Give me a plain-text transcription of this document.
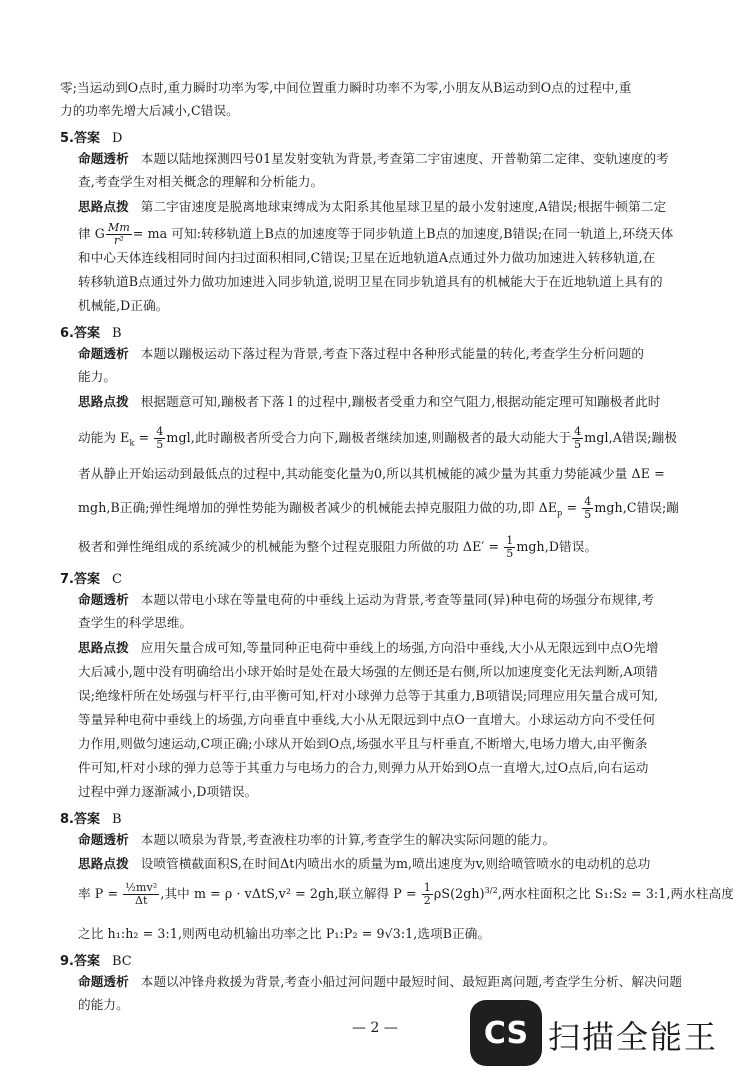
零;当运动到O点时,重力瞬时功率为零,中间位置重力瞬时功率不为零,小朋友从B运动到O点的过程中,重
力的功率先增大后减小,C错误。
5.答案 D
命题透析 本题以陆地探测四号01星发射变轨为背景,考查第二宇宙速度、开普勒第二定律、变轨速度的考
查,考查学生对相关概念的理解和分析能力。
思路点拨 第二宇宙速度是脱离地球束缚成为太阳系其他星球卫星的最小发射速度,A错误;根据牛顿第二定
律 G $\frac{Mm}{\text{r²}}$ = ma 可知:转移轨道上B点的加速度等于同步轨道上B点的加速度,B错误;在同一轨道上,环绕天体
和中心天体连线相同时间内扫过面积相同,C错误;卫星在近地轨道A点通过外力做功加速进入转移轨道,在
转移轨道B点通过外力做功加速进入同步轨道,说明卫星在同步轨道具有的机械能大于在近地轨道上具有的
机械能,D正确。
6.答案 B
命题透析 本题以蹦极运动下落过程为背景,考查下落过程中各种形式能量的转化,考查学生分析问题的
能力。
思路点拨 根据题意可知,蹦极者下落 l 的过程中,蹦极者受重力和空气阻力,根据动能定理可知蹦极者此时
动能为 $E_k = \frac{4}{5}$ mgl,此时蹦极者所受合力向下,蹦极者继续加速,则蹦极者的最大动能大于 $\frac{4}{5} mgl,A$错误;蹦极
者从静止开始运动到最低点的过程中,其动能变化量为0,所以其机械能的减少量为其重力势能减少量 ΔE =
mgh,B正确;弹性绳增加的弹性势能为蹦极者减少的机械能去掉克服阻力做的功,即 $\Delta E_p = \frac{4}{5} mgh,C$错误;蹦
极者和弹性绳组成的系统减少的机械能为整个过程克服阻力所做的功 $\Delta E' = \frac{1}{5} mgh,D$错误。
7.答案 C
命题透析 本题以带电小球在等量电荷的中垂线上运动为背景,考查等量同(异)种电荷的场强分布规律,考
查学生的科学思维。
思路点拨 应用矢量合成可知,等量同种正电荷中垂线上的场强,方向沿中垂线,大小从无限远到中点O先增
大后减小,题中没有明确给出小球开始时是处在最大场强的左侧还是右侧,所以加速度变化无法判断,A项错
误;绝缘杆所在处场强与杆平行,由平衡可知,杆对小球弹力总等于其重力,B项错误;同理应用矢量合成可知,
等量异种电荷中垂线上的场强,方向垂直中垂线,大小从无限远到中点O一直增大。小球运动方向不受任何
力作用,则做匀速运动,C项正确;小球从开始到O点,场强水平且与杆垂直,不断增大,电场力增大,由平衡条
件可知,杆对小球的弹力总等于其重力与电场力的合力,则弹力从开始到O点一直增大,过O点后,向右运动
过程中弹力逐渐减小,D项错误。
8.答案 B
命题透析 本题以喷泉为背景,考查液柱功率的计算,考查学生的解决实际问题的能力。
思路点拨 设喷管横截面积S,在时间Δt内喷出水的质量为m,喷出速度为v,则给喷管喷水的电动机的总功
率 $P = \frac{\text{½mv²}}{\Delta t}$ ,其中 m = ρ · vΔtS,v² = 2gh,联立解得 $P = \frac{1}{2} \rho S(2gh)^{3/2}$,两水柱面积之比 S₁:S₂ = 3:1,两水柱高度
之比 h₁:h₂ = 3:1,则两电动机输出功率之比 P₁:P₂ = 9√3:1,选项B正确。
9.答案 BC
命题透析 本题以冲锋舟救援为背景,考查小船过河问题中最短时间、最短距离问题,考查学生分析、解决问题
的能力。
— 2 —	CS 扫描全能王
